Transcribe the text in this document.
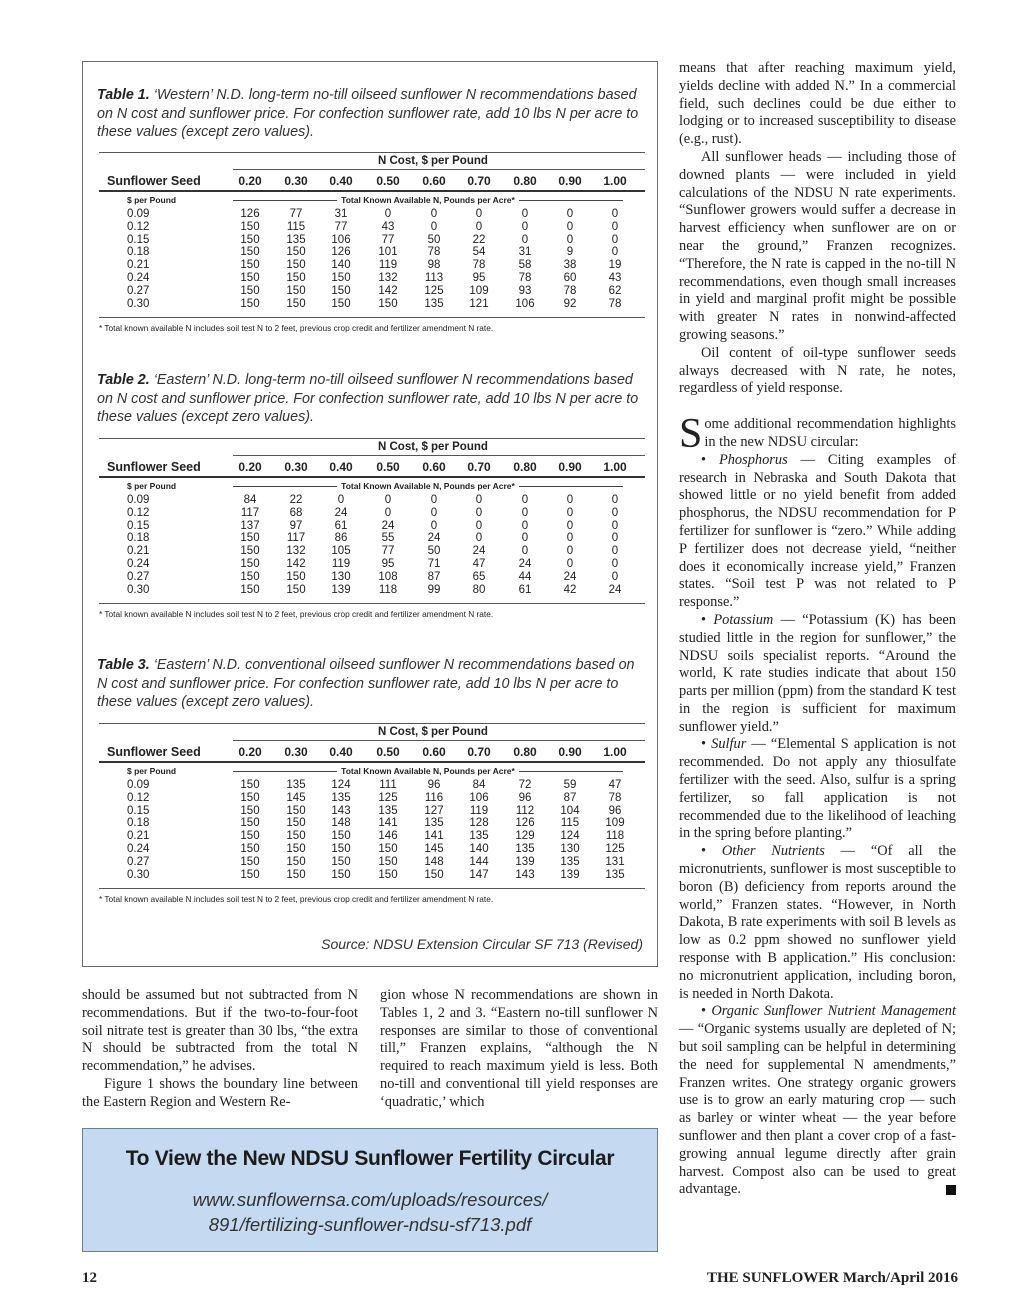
Table 1. ‘Western’ N.D. long-term no-till oilseed sunflower N recommendations based on N cost and sunflower price. For confection sunflower rate, add 10 lbs N per acre to these values (except zero values).
N Cost, $ per Pound
Sunflower Seed	0.20	0.30	0.40	0.50	0.60	0.70	0.80	0.90	1.00
$ per Pound	Total Known Available N, Pounds per Acre*
0.09	126	77	31	0	0	0	0	0	0
0.12	150	115	77	43	0	0	0	0	0
0.15	150	135	106	77	50	22	0	0	0
0.18	150	150	126	101	78	54	31	9	0
0.21	150	150	140	119	98	78	58	38	19
0.24	150	150	150	132	113	95	78	60	43
0.27	150	150	150	142	125	109	93	78	62
0.30	150	150	150	150	135	121	106	92	78
* Total known available N includes soil test N to 2 feet, previous crop credit and fertilizer amendment N rate.
Table 2. ‘Eastern’ N.D. long-term no-till oilseed sunflower N recommendations based on N cost and sunflower price. For confection sunflower rate, add 10 lbs N per acre to these values (except zero values).
N Cost, $ per Pound
Sunflower Seed	0.20	0.30	0.40	0.50	0.60	0.70	0.80	0.90	1.00
$ per Pound	Total Known Available N, Pounds per Acre*
0.09	84	22	0	0	0	0	0	0	0
0.12	117	68	24	0	0	0	0	0	0
0.15	137	97	61	24	0	0	0	0	0
0.18	150	117	86	55	24	0	0	0	0
0.21	150	132	105	77	50	24	0	0	0
0.24	150	142	119	95	71	47	24	0	0
0.27	150	150	130	108	87	65	44	24	0
0.30	150	150	139	118	99	80	61	42	24
* Total known available N includes soil test N to 2 feet, previous crop credit and fertilizer amendment N rate.
Table 3. ‘Eastern’ N.D. conventional oilseed sunflower N recommendations based on N cost and sunflower price. For confection sunflower rate, add 10 lbs N per acre to these values (except zero values).
N Cost, $ per Pound
Sunflower Seed	0.20	0.30	0.40	0.50	0.60	0.70	0.80	0.90	1.00
$ per Pound	Total Known Available N, Pounds per Acre*
0.09	150	135	124	111	96	84	72	59	47
0.12	150	145	135	125	116	106	96	87	78
0.15	150	150	143	135	127	119	112	104	96
0.18	150	150	148	141	135	128	126	115	109
0.21	150	150	150	146	141	135	129	124	118
0.24	150	150	150	150	145	140	135	130	125
0.27	150	150	150	150	148	144	139	135	131
0.30	150	150	150	150	150	147	143	139	135
* Total known available N includes soil test N to 2 feet, previous crop credit and fertilizer amendment N rate.
Source: NDSU Extension Circular SF 713 (Revised)

should be assumed but not subtracted from N recommendations. But if the two-to-four-foot soil nitrate test is greater than 30 lbs, “the extra N should be subtracted from the total N recommendation,” he advises.

Figure 1 shows the boundary line between the Eastern Region and Western Re-

gion whose N recommendations are shown in Tables 1, 2 and 3. “Eastern no-till sunflower N responses are similar to those of conventional till,” Franzen explains, “although the N required to reach maximum yield is less. Both no-till and conventional till yield responses are ‘quadratic,’ which

means that after reaching maximum yield, yields decline with added N.” In a commercial field, such declines could be due either to lodging or to increased susceptibility to disease (e.g., rust).

All sunflower heads — including those of downed plants — were included in yield calculations of the NDSU N rate experiments. “Sunflower growers would suffer a decrease in harvest efficiency when sunflower are on or near the ground,” Franzen recognizes. “Therefore, the N rate is capped in the no-till N recommendations, even though small increases in yield and marginal profit might be possible with greater N rates in nonwind-affected growing seasons.”

Oil content of oil-type sunflower seeds always decreased with N rate, he notes, regardless of yield response.

Some additional recommendation highlights in the new NDSU circular:

• Phosphorus — Citing examples of research in Nebraska and South Dakota that showed little or no yield benefit from added phosphorus, the NDSU recommendation for P fertilizer for sunflower is “zero.” While adding P fertilizer does not decrease yield, “neither does it economically increase yield,” Franzen states. “Soil test P was not related to P response.”

• Potassium — “Potassium (K) has been studied little in the region for sunflower,” the NDSU soils specialist reports. “Around the world, K rate studies indicate that about 150 parts per million (ppm) from the standard K test in the region is sufficient for maximum sunflower yield.”

• Sulfur — “Elemental S application is not recommended. Do not apply any thiosulfate fertilizer with the seed. Also, sulfur is a spring fertilizer, so fall application is not recommended due to the likelihood of leaching in the spring before planting.”

• Other Nutrients — “Of all the micronutrients, sunflower is most susceptible to boron (B) deficiency from reports around the world,” Franzen states. “However, in North Dakota, B rate experiments with soil B levels as low as 0.2 ppm showed no sunflower yield response with B application.” His conclusion: no micronutrient application, including boron, is needed in North Dakota.

• Organic Sunflower Nutrient Management — “Organic systems usually are depleted of N; but soil sampling can be helpful in determining the need for supplemental N amendments,” Franzen writes. One strategy organic growers use is to grow an early maturing crop — such as barley or winter wheat — the year before sunflower and then plant a cover crop of a fast-growing annual legume directly after grain harvest. Compost also can be used to great advantage.

To View the New NDSU Sunflower Fertility Circular
www.sunflowernsa.com/uploads/resources/
891/fertilizing-sunflower-ndsu-sf713.pdf
12	THE SUNFLOWER March/April 2016
